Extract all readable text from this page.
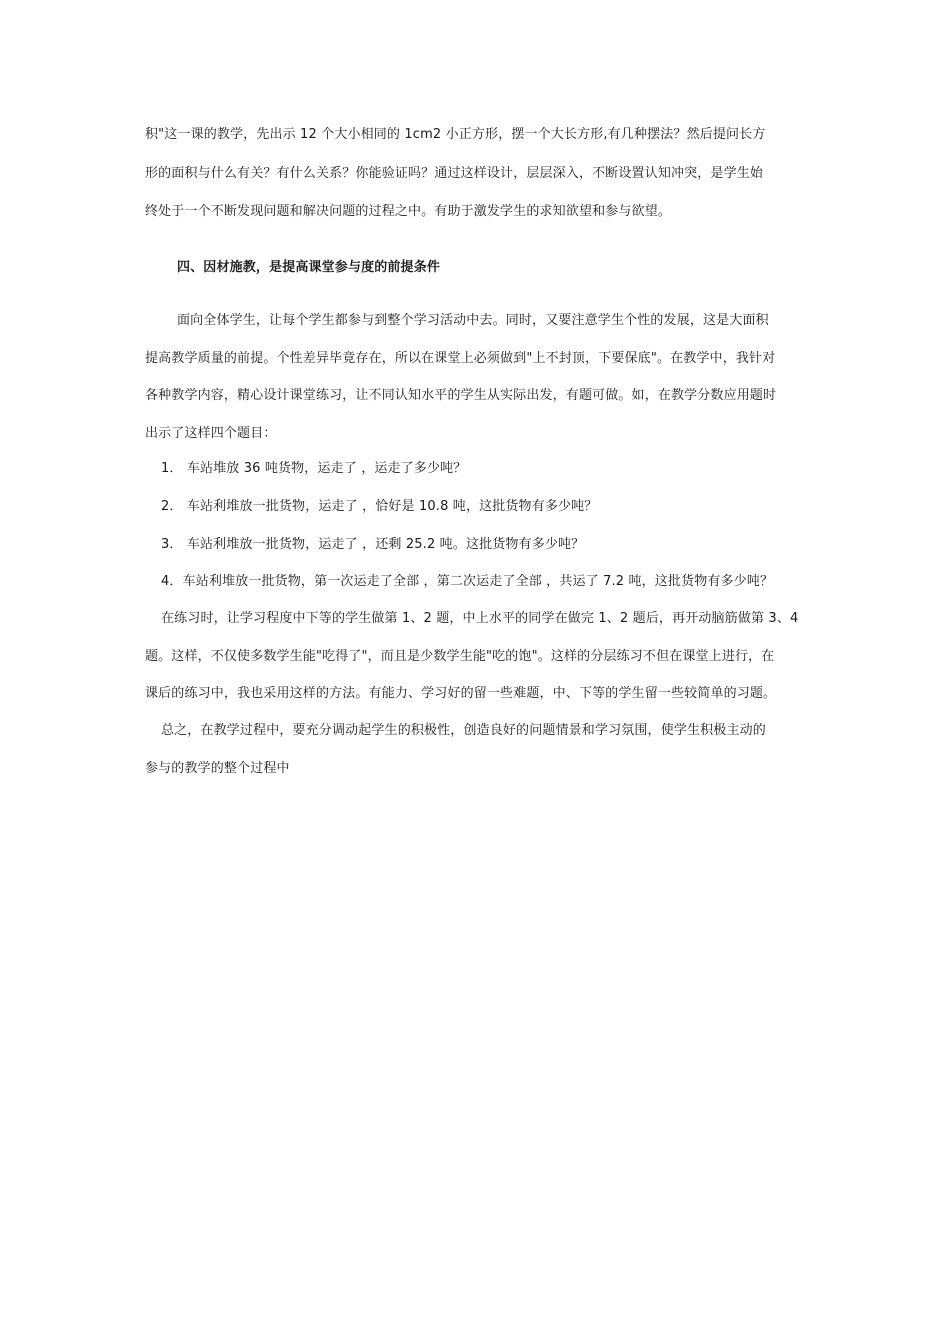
积"这一课的教学，先出示 12 个大小相同的 1cm2 小正方形，摆一个大长方形,有几种摆法？然后提问长方
形的面积与什么有关？有什么关系？你能验证吗？通过这样设计，层层深入，不断设置认知冲突，是学生始
终处于一个不断发现问题和解决问题的过程之中。有助于激发学生的求知欲望和参与欲望。
四、因材施教，是提高课堂参与度的前提条件
面向全体学生，让每个学生都参与到整个学习活动中去。同时，又要注意学生个性的发展，这是大面积
提高教学质量的前提。个性差异毕竟存在，所以在课堂上必须做到"上不封顶，下要保底"。在教学中，我针对
各种教学内容，精心设计课堂练习，让不同认知水平的学生从实际出发，有题可做。如，在教学分数应用题时
出示了这样四个题目：
1． 车站堆放 36 吨货物，运走了 ，运走了多少吨？
2． 车站利堆放一批货物，运走了 ，恰好是 10.8 吨，这批货物有多少吨？
3． 车站利堆放一批货物，运走了 ，还剩 25.2 吨。这批货物有多少吨？
4．车站利堆放一批货物，第一次运走了全部 ，第二次运走了全部 ，共运了 7.2 吨，这批货物有多少吨？
在练习时，让学习程度中下等的学生做第 1、2 题，中上水平的同学在做完 1、2 题后，再开动脑筋做第 3、4
题。这样，不仅使多数学生能"吃得了"，而且是少数学生能"吃的饱"。这样的分层练习不但在课堂上进行，在
课后的练习中，我也采用这样的方法。有能力、学习好的留一些难题，中、下等的学生留一些较简单的习题。
总之，在教学过程中，要充分调动起学生的积极性，创造良好的问题情景和学习氛围，使学生积极主动的
参与的教学的整个过程中
